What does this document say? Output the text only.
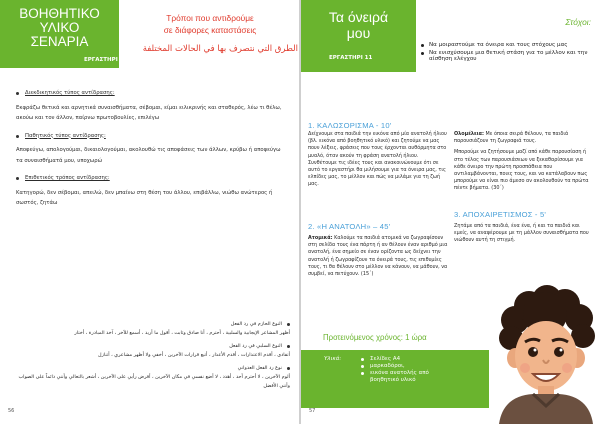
ΒΟΗΘΗΤΙΚΟ
ΥΛΙΚΟ
ΣΕΝΑΡΙΑ
ΕΡΓΑΣΤΗΡΙ 10
Τρόποι που αντιδρούμε
σε διάφορες καταστάσεις
الطرق التي نتصرف بها في الحالات المختلفة
Διεκδικητικός τύπος αντίδρασης:
Εκφράζω θετικά και αρνητικά συναισθήματα, σέβομαι, είμαι ειλικρινής και σταθερός, λέω τι θέλω, ακούω και τον άλλον, παίρνω πρωτοβουλίες, επιλέγω
Παθητικός τύπος αντίδρασης:
Αποφεύγω, απολογούμαι, δικαιολογούμαι, ακολουθώ τις αποφάσεις των άλλων, κρύβω ή αποφεύγω τα συναισθήματά μου, υποχωρώ
Επιθετικός τρόπος αντίδρασης:
Κατηγορώ, δεν σέβομαι, απειλώ, δεν μπαίνω στη θέση του άλλου, επιβάλλω, νιώθω ανώτερος ή σωστός, ζητάω
النوع الحازم في رد الفعل
أظهر المشاعر الإيجابية والسلبية ، أحترم ، أنا صادق وثابت ، أقول ما أريد ، أسمع للآخر ، آخذ المبادرة ، أختار
النوع السلبي في رد الفعل
أتفادى ، أقدم الاعتذارات ، أقدم الأعذار ، أتبع قرارات الآخرين ، أخفي ولا أظهر مشاعري ، أتنازل
نوع رد الفعل العدواني
ألوم الآخرين ، لا أحترم أحد ، أهدد ، لا أضع نفسي في مكان الآخرين ، أفرض رأيي على الآخرين ، أشعر بالتعالي وأنني دائماً على الصواب وأنني الأفضل
56
Τα όνειρά
μου
ΕΡΓΑΣΤΗΡΙ 11
Στόχοι:
Να μοιραστούμε τα όνειρα και τους στόχους μας
Να ενισχύσουμε μια θετική στάση για το μέλλον και την αίσθηση ελέγχου
1. ΚΑΛΩΣΟΡΙΣΜΑ - 10'
Δείχνουμε στα παιδιά την εικόνα από μία ανατολή ήλιου (βλ. εικόνα από βοηθητικό υλικό) και ζητούμε να μας πουν λέξεις, φράσεις που τους έρχονται αυθόρμητα στο μυαλό, όταν ακούν τη φράση ανατολή ήλιου. Συνθέτουμε τις ιδέες τους και ανακοινώνουμε ότι σε αυτό το εργαστήρι θα μιλήσουμε για τα όνειρα μας, τις ελπίδες μας, το μέλλον και πώς να μιλάμε για τη ζωή μας.
2. «Η ΑΝΑΤΟΛΗ» – 45'
Ατομικά: Καλούμε τα παιδιά ατομικά να ζωγραφίσουν στη σελίδα τους ένα πάρτη ή αν θέλουν έναν αριθμό μια ανατολή, ένα σημείο σε έναν ορίζοντα ως δείχνει την ανατολή ή ζωγραφίζουν τα όνειρά τους, τις επιθυμίες τους, τι θα θέλουν στο μέλλον να κάνουν, να μάθουν, να συμβεί, να πετύχουν. (15΄)
Ολομέλεια: Με όποια σειρά θέλουν, τα παιδιά παρουσιάζουν τη ζωγραφιά τους.
Μπορούμε να ζητήσουμε μαζί από κάθε παρουσίαση ή στο τέλος των παρουσιάσεων να ξεκαθαρίσουμε για κάθε όνειρο την πρώτη προσπάθεια που αντιλαμβάνονται, ποιες τους, και να κατάλαβουν πως μπορούμε να είναι πιο άμεσο αν ακολουθούν τα πρώτα πέντε βήματα. (30΄)
3. ΑΠΟΧΑΙΡΕΤΙΣΜΟΣ - 5'
Ζητάμε από τα παιδιά, ένα ένα, ή και τα παιδιά και εμείς, να αναφέρουμε με τη μάλλον συναισθήματα που νιώθουν αυτή τη στιγμή.
Προτεινόμενος χρόνος: 1 ώρα
Υλικά:	Σελίδες Α4
μαρκαδόροι,
εικόνα ανατολής από
βοηθητικό υλικό
57
